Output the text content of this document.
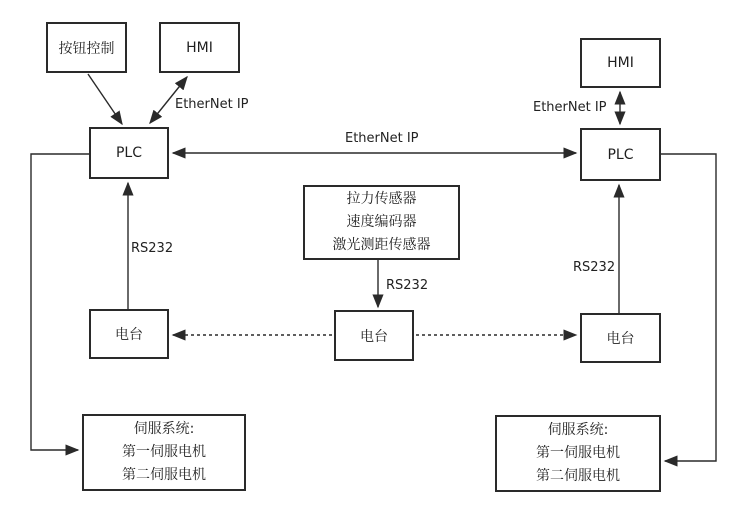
按钮控制	HMI
PLC
电台
伺服系统:
第一伺服电机
第二伺服电机
拉力传感器
速度编码器
激光测距传感器
电台
HMI
PLC
电台
伺服系统:
第一伺服电机
第二伺服电机
EtherNet IP
EtherNet IP
EtherNet IP
RS232
RS232
RS232
